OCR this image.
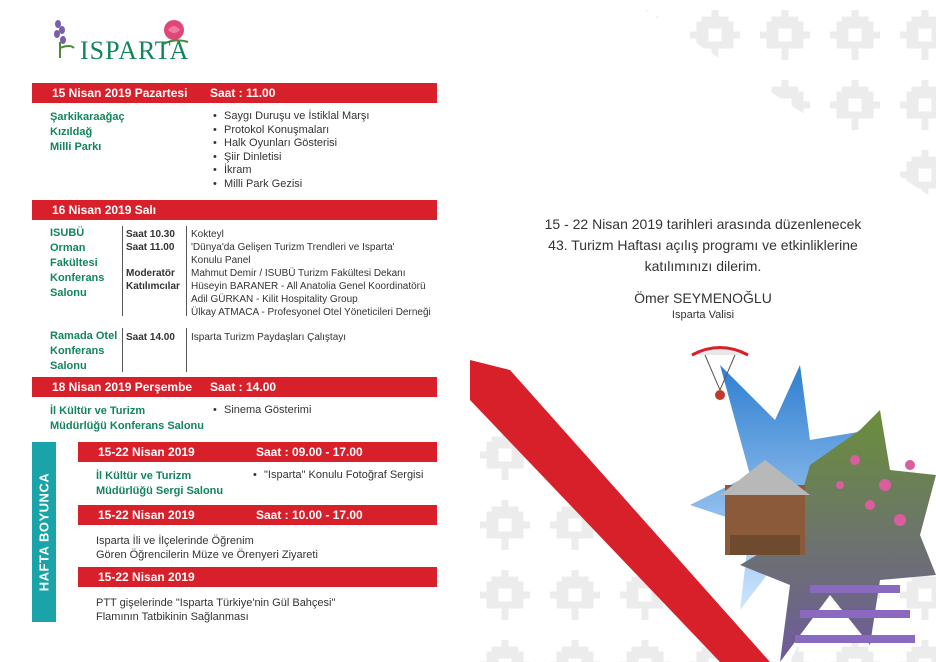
ISPARTA
15 Nisan 2019 Pazartesi Saat : 11.00
Şarkikaraağaç
Kızıldağ
Milli Parkı
• Saygı Duruşu ve İstiklal Marşı
• Protokol Konuşmaları
• Halk Oyunları Gösterisi
• Şiir Dinletisi
• İkram
• Milli Park Gezisi
16 Nisan 2019 Salı
ISUBÜ
Orman
Fakültesi
Konferans
Salonu
Saat 10.30
Saat 11.00
Moderatör
Katılımcılar
Kokteyl
'Dünya'da Gelişen Turizm Trendleri ve Isparta'
Konulu Panel
Mahmut Demir / ISUBÜ Turizm Fakültesi Dekanı
Hüseyin BARANER - All Anatolia Genel Koordinatörü
Adil GÜRKAN - Kilit Hospitality Group
Ülkay ATMACA - Profesyonel Otel Yöneticileri Derneği
Ramada Otel
Konferans
Salonu
Saat 14.00 Isparta Turizm Paydaşları Çalıştayı
18 Nisan 2019 Perşembe Saat : 14.00
İl Kültür ve Turizm
Müdürlüğü Konferans Salonu
• Sinema Gösterimi
HAFTA BOYUNCA
15-22 Nisan 2019	Saat : 09.00 - 17.00
İl Kültür ve Turizm
Müdürlüğü Sergi Salonu
• "Isparta" Konulu Fotoğraf Sergisi
15-22 Nisan 2019	Saat : 10.00 - 17.00
Isparta İli ve İlçelerinde Öğrenim
Gören Öğrencilerin Müze ve Örenyeri Ziyareti
15-22 Nisan 2019
PTT gişelerinde "Isparta Türkiye'nin Gül Bahçesi"
Flamının Tatbikinin Sağlanması
15 - 22 Nisan 2019 tarihleri arasında düzenlenecek
43. Turizm Haftası açılış programı ve etkinliklerine
katılımınızı dilerim.
Ömer SEYMENOĞLU
Isparta Valisi
